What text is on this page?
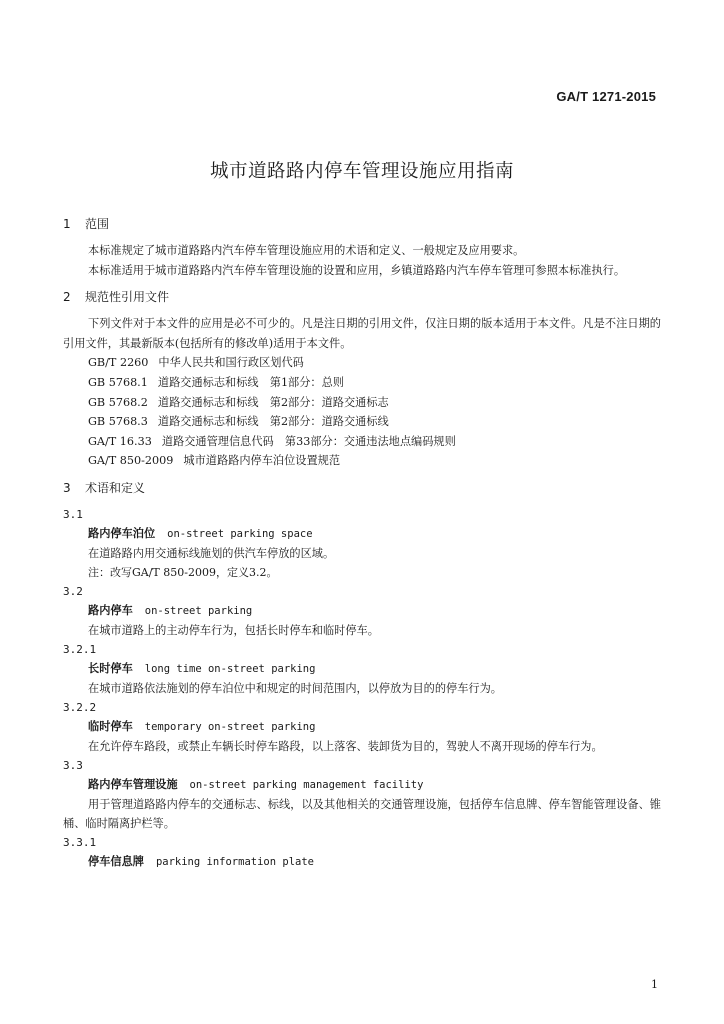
GA/T 1271-2015
城市道路路内停车管理设施应用指南
1 范围

本标准规定了城市道路路内汽车停车管理设施应用的术语和定义、一般规定及应用要求。

本标准适用于城市道路路内汽车停车管理设施的设置和应用，乡镇道路路内汽车停车管理可参照本标准执行。

2 规范性引用文件

下列文件对于本文件的应用是必不可少的。凡是注日期的引用文件，仅注日期的版本适用于本文件。凡是不注日期的引用文件，其最新版本(包括所有的修改单)适用于本文件。

GB/T 2260 中华人民共和国行政区划代码
GB 5768.1 道路交通标志和标线　第1部分：总则
GB 5768.2 道路交通标志和标线　第2部分：道路交通标志
GB 5768.3 道路交通标志和标线　第2部分：道路交通标线
GA/T 16.33 道路交通管理信息代码　第33部分：交通违法地点编码规则
GA/T 850-2009 城市道路路内停车泊位设置规范
3 术语和定义

3.1

路内停车泊位 on-street parking space

在道路路内用交通标线施划的供汽车停放的区域。

注：改写GA/T 850-2009，定义3.2。

3.2

路内停车 on-street parking

在城市道路上的主动停车行为，包括长时停车和临时停车。

3.2.1

长时停车 long time on-street parking

在城市道路依法施划的停车泊位中和规定的时间范围内，以停放为目的的停车行为。

3.2.2

临时停车 temporary on-street parking

在允许停车路段，或禁止车辆长时停车路段，以上落客、装卸货为目的，驾驶人不离开现场的停车行为。

3.3

路内停车管理设施 on-street parking management facility

用于管理道路路内停车的交通标志、标线，以及其他相关的交通管理设施，包括停车信息牌、停车智能管理设备、锥桶、临时隔离护栏等。

3.3.1

停车信息牌 parking information plate

1
